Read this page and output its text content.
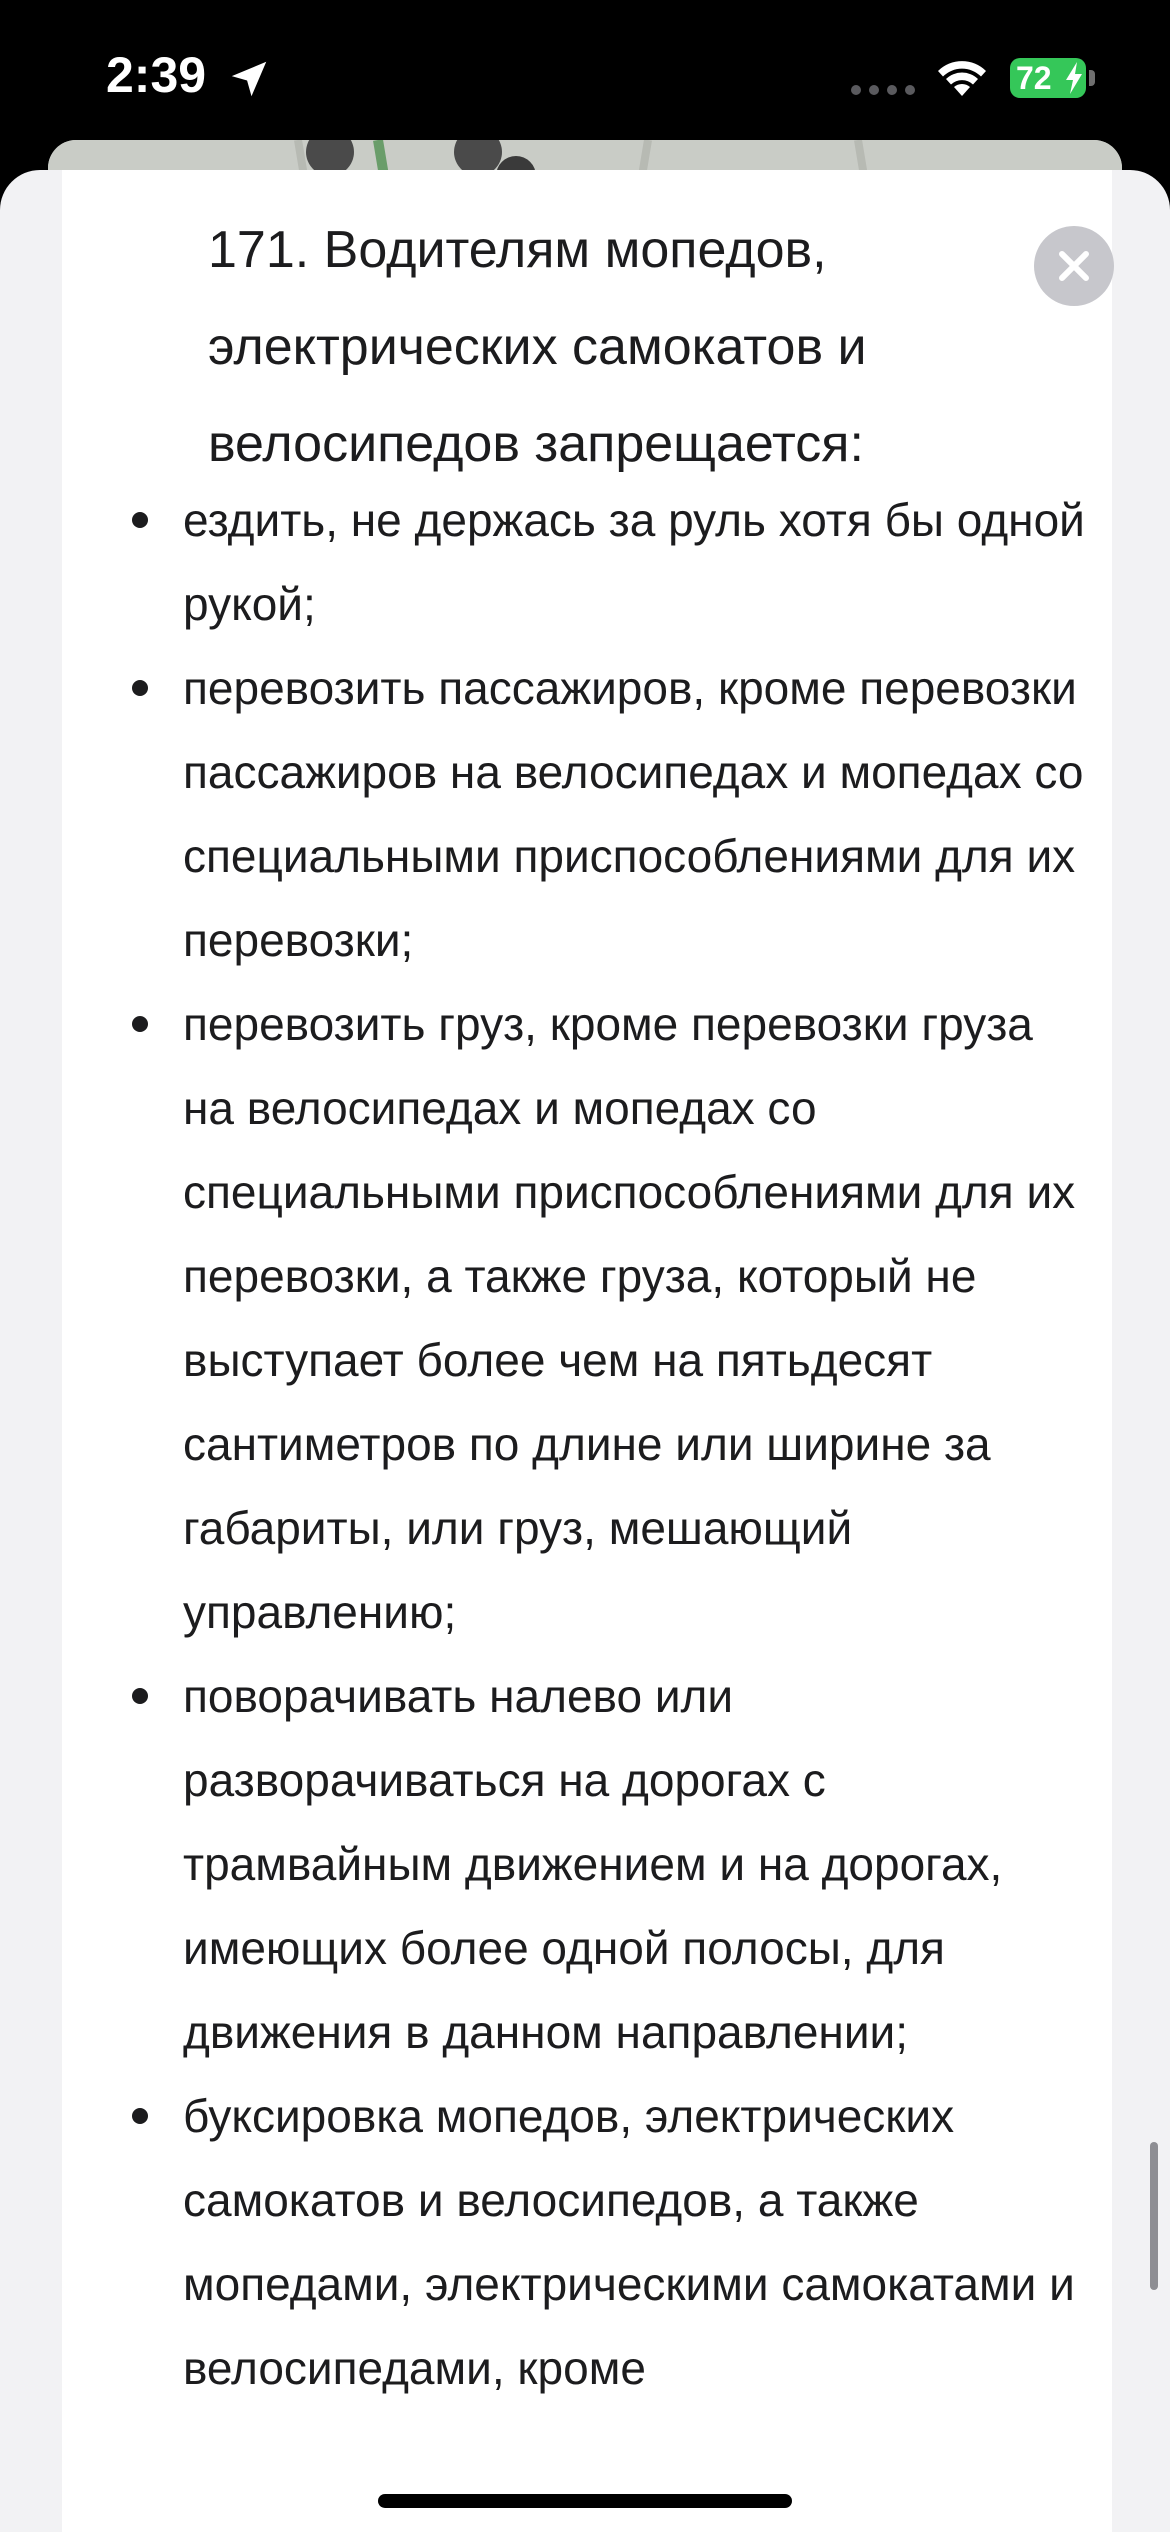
2:39	72
171. Водителям мопедов, электрических самокатов и велосипедов запрещается:
ездить, не держась за руль хотя бы одной рукой;
перевозить пассажиров, кроме перевозки пассажиров на велосипедах и мопедах со специальными приспособлениями для их перевозки;
перевозить груз, кроме перевозки груза на велосипедах и мопедах со специальными приспособлениями для их перевозки, а также груза, который не выступает более чем на пятьдесят сантиметров по длине или ширине за габариты, или груз, мешающий управлению;
поворачивать налево или разворачиваться на дорогах с трамвайным движением и на дорогах, имеющих более одной полосы, для движения в данном направлении;
буксировка мопедов, электрических самокатов и велосипедов, а также мопедами, электрическими самокатами и велосипедами, кроме
